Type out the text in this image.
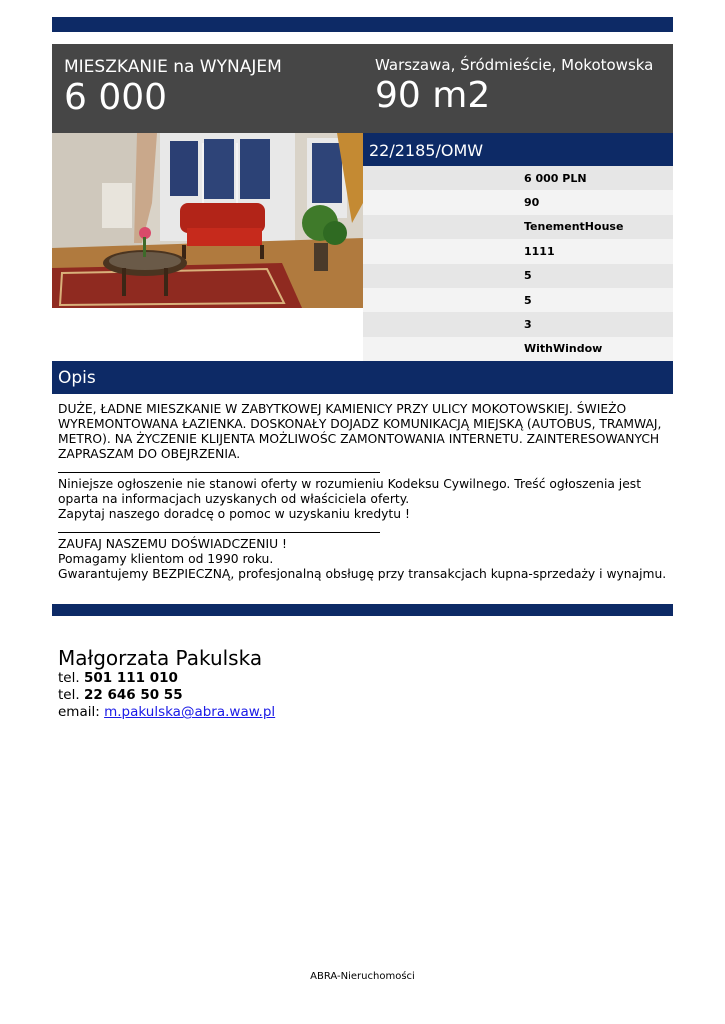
MIESZKANIE na WYNAJEM
6 000
Warszawa, Śródmieście, Mokotowska
90 m2
22/2185/OMW
6 000 PLN
90
TenementHouse
1111
5
5
3
WithWindow
Opis

DUŻE, ŁADNE MIESZKANIE W ZABYTKOWEJ KAMIENICY PRZY ULICY MOKOTOWSKIEJ. ŚWIEŻO WYREMONTOWANA ŁAZIENKA. DOSKONAŁY DOJADZ KOMUNIKACJĄ MIEJSKĄ (AUTOBUS, TRAMWAJ, METRO). NA ŻYCZENIE KLIJENTA MOŻLIWOŚC ZAMONTOWANIA INTERNETU. ZAINTERESOWANYCH ZAPRASZAM DO OBEJRZENIA.

Niniejsze ogłoszenie nie stanowi oferty w rozumieniu Kodeksu Cywilnego. Treść ogłoszenia jest oparta na informacjach uzyskanych od właściciela oferty.

Zapytaj naszego doradcę o pomoc w uzyskaniu kredytu !

ZAUFAJ NASZEMU DOŚWIADCZENIU !

Pomagamy klientom od 1990 roku.

Gwarantujemy BEZPIECZNĄ, profesjonalną obsługę przy transakcjach kupna-sprzedaży i wynajmu.

Małgorzata Pakulska
tel. 501 111 010
tel. 22 646 50 55
email: m.pakulska@abra.waw.pl
ABRA-Nieruchomości
